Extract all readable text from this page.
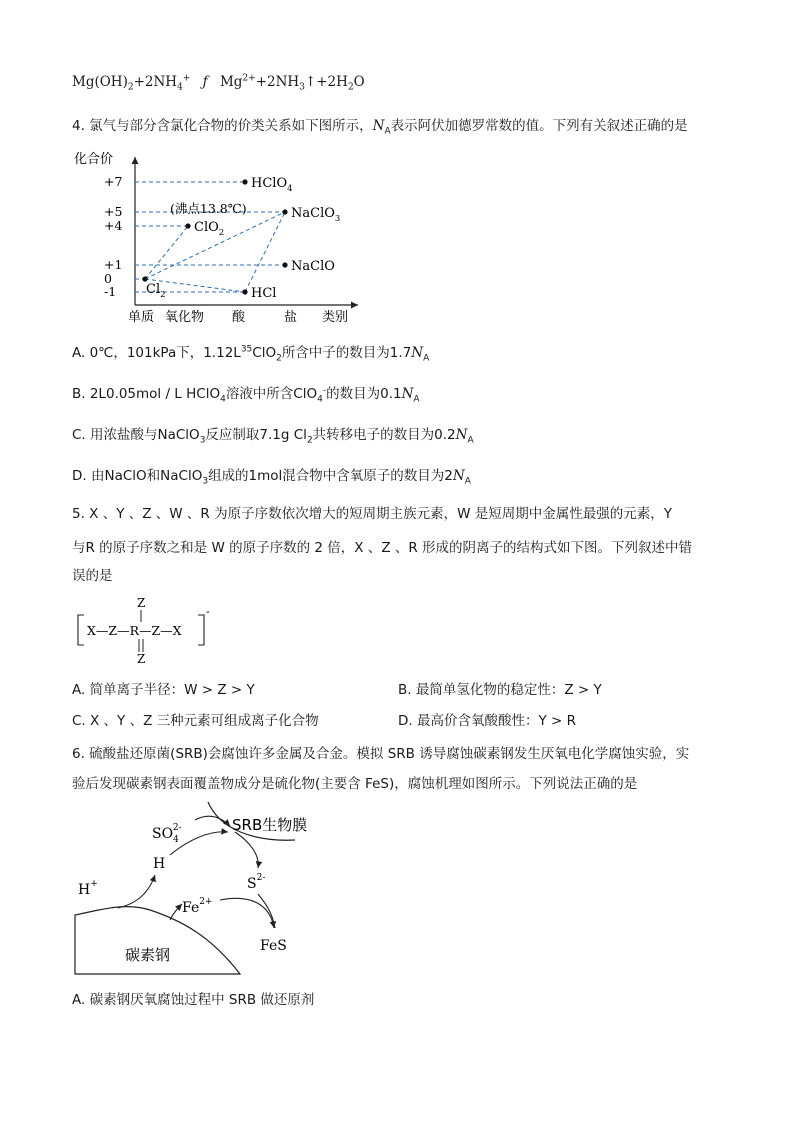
$Mg(OH)_2+2NH_4^+$ ƒ $Mg^{2+}+2NH_3↑+2H_2O$
4. 氯气与部分含氯化合物的价类关系如下图所示，$N_A$表示阿伏加德罗常数的值。下列有关叙述正确的是
化合价
+7
+5
+4
+1
0
-1
单质 氧化物 酸	盐 类别
(沸点13.8℃)
HClO$_4$
NaClO$_3$
ClO$_2$
NaClO
$Cl_2$	HCl
A. 0℃，101kPa下，$1.12L^{35}ClO_2$所含中子的数目为$1.7N_A$
B. 2L0.05mol / L HClO$_4$溶液中所含ClO$_4$-的数目为$0.1N_A$
C. 用浓盐酸与NaClO$_3$反应制取7.1g $Cl_2$共转移电子的数目为$0.2N_A$
D. 由NaClO和NaClO$_3$组成的1mol混合物中含氧原子的数目为$2N_A$
5. X 、Y 、Z 、W 、R 为原子序数依次增大的短周期主族元素，W 是短周期中金属性最强的元素，Y
与R 的原子序数之和是 W 的原子序数的 2 倍，X 、Z 、R 形成的阴离子的结构式如下图。下列叙述中错
误的是
-
Z
X—Z—R—Z—X
Z
A. 简单离子半径：W > Z > Y	B. 最简单氢化物的稳定性：Z > Y
C. X 、Y 、Z 三种元素可组成离子化合物	D. 最高价含氧酸酸性：Y > R
6. 硫酸盐还原菌(SRB)会腐蚀许多金属及合金。模拟 SRB 诱导腐蚀碳素钢发生厌氧电化学腐蚀实验，实
验后发现碳素钢表面覆盖物成分是硫化物(主要含 FeS)，腐蚀机理如图所示。下列说法正确的是
$SO_42-$	SRB生物膜
H
$S^{2-}$
H+
$Fe^{2+}$
FeS
碳素钢
A. 碳素钢厌氧腐蚀过程中 SRB 做还原剂
